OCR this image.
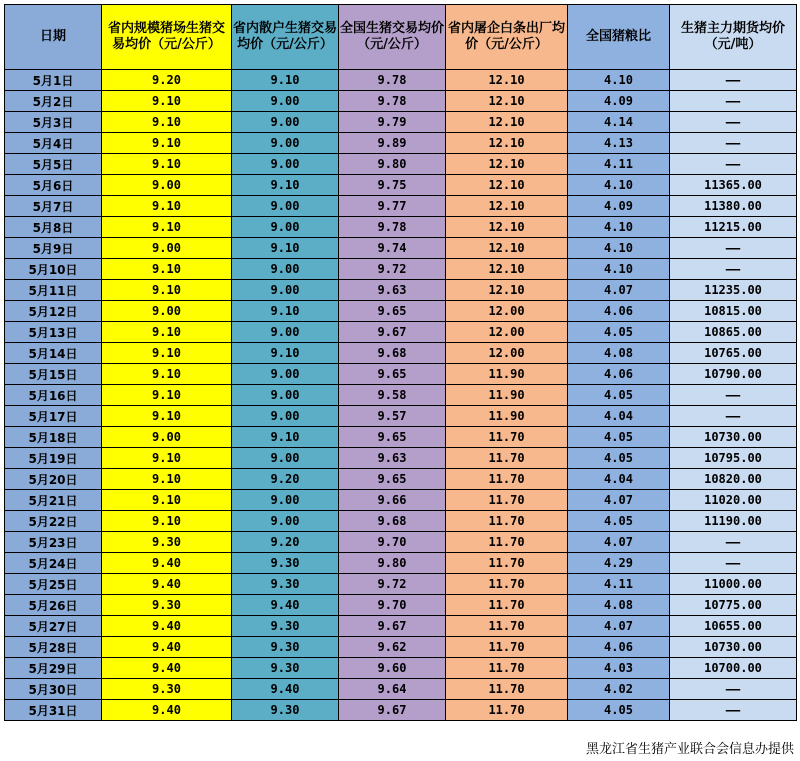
日期	省内规模猪场生猪交易均价（元/公斤）	省内散户生猪交易均价（元/公斤）	全国生猪交易均价（元/公斤）	省内屠企白条出厂均价（元/公斤）	全国猪粮比	生猪主力期货均价（元/吨）
5月1日	9.20	9.10	9.78	12.10	4.10	——
5月2日	9.10	9.00	9.78	12.10	4.09	——
5月3日	9.10	9.00	9.79	12.10	4.14	——
5月4日	9.10	9.00	9.89	12.10	4.13	——
5月5日	9.10	9.00	9.80	12.10	4.11	——
5月6日	9.00	9.10	9.75	12.10	4.10	11365.00
5月7日	9.10	9.00	9.77	12.10	4.09	11380.00
5月8日	9.10	9.00	9.78	12.10	4.10	11215.00
5月9日	9.00	9.10	9.74	12.10	4.10	——
5月10日	9.10	9.00	9.72	12.10	4.10	——
5月11日	9.10	9.00	9.63	12.10	4.07	11235.00
5月12日	9.00	9.10	9.65	12.00	4.06	10815.00
5月13日	9.10	9.00	9.67	12.00	4.05	10865.00
5月14日	9.10	9.10	9.68	12.00	4.08	10765.00
5月15日	9.10	9.00	9.65	11.90	4.06	10790.00
5月16日	9.10	9.00	9.58	11.90	4.05	——
5月17日	9.10	9.00	9.57	11.90	4.04	——
5月18日	9.00	9.10	9.65	11.70	4.05	10730.00
5月19日	9.10	9.00	9.63	11.70	4.05	10795.00
5月20日	9.10	9.20	9.65	11.70	4.04	10820.00
5月21日	9.10	9.00	9.66	11.70	4.07	11020.00
5月22日	9.10	9.00	9.68	11.70	4.05	11190.00
5月23日	9.30	9.20	9.70	11.70	4.07	——
5月24日	9.40	9.30	9.80	11.70	4.29	——
5月25日	9.40	9.30	9.72	11.70	4.11	11000.00
5月26日	9.30	9.40	9.70	11.70	4.08	10775.00
5月27日	9.40	9.30	9.67	11.70	4.07	10655.00
5月28日	9.40	9.30	9.62	11.70	4.06	10730.00
5月29日	9.40	9.30	9.60	11.70	4.03	10700.00
5月30日	9.30	9.40	9.64	11.70	4.02	——
5月31日	9.40	9.30	9.67	11.70	4.05	——
黑龙江省生猪产业联合会信息办提供
